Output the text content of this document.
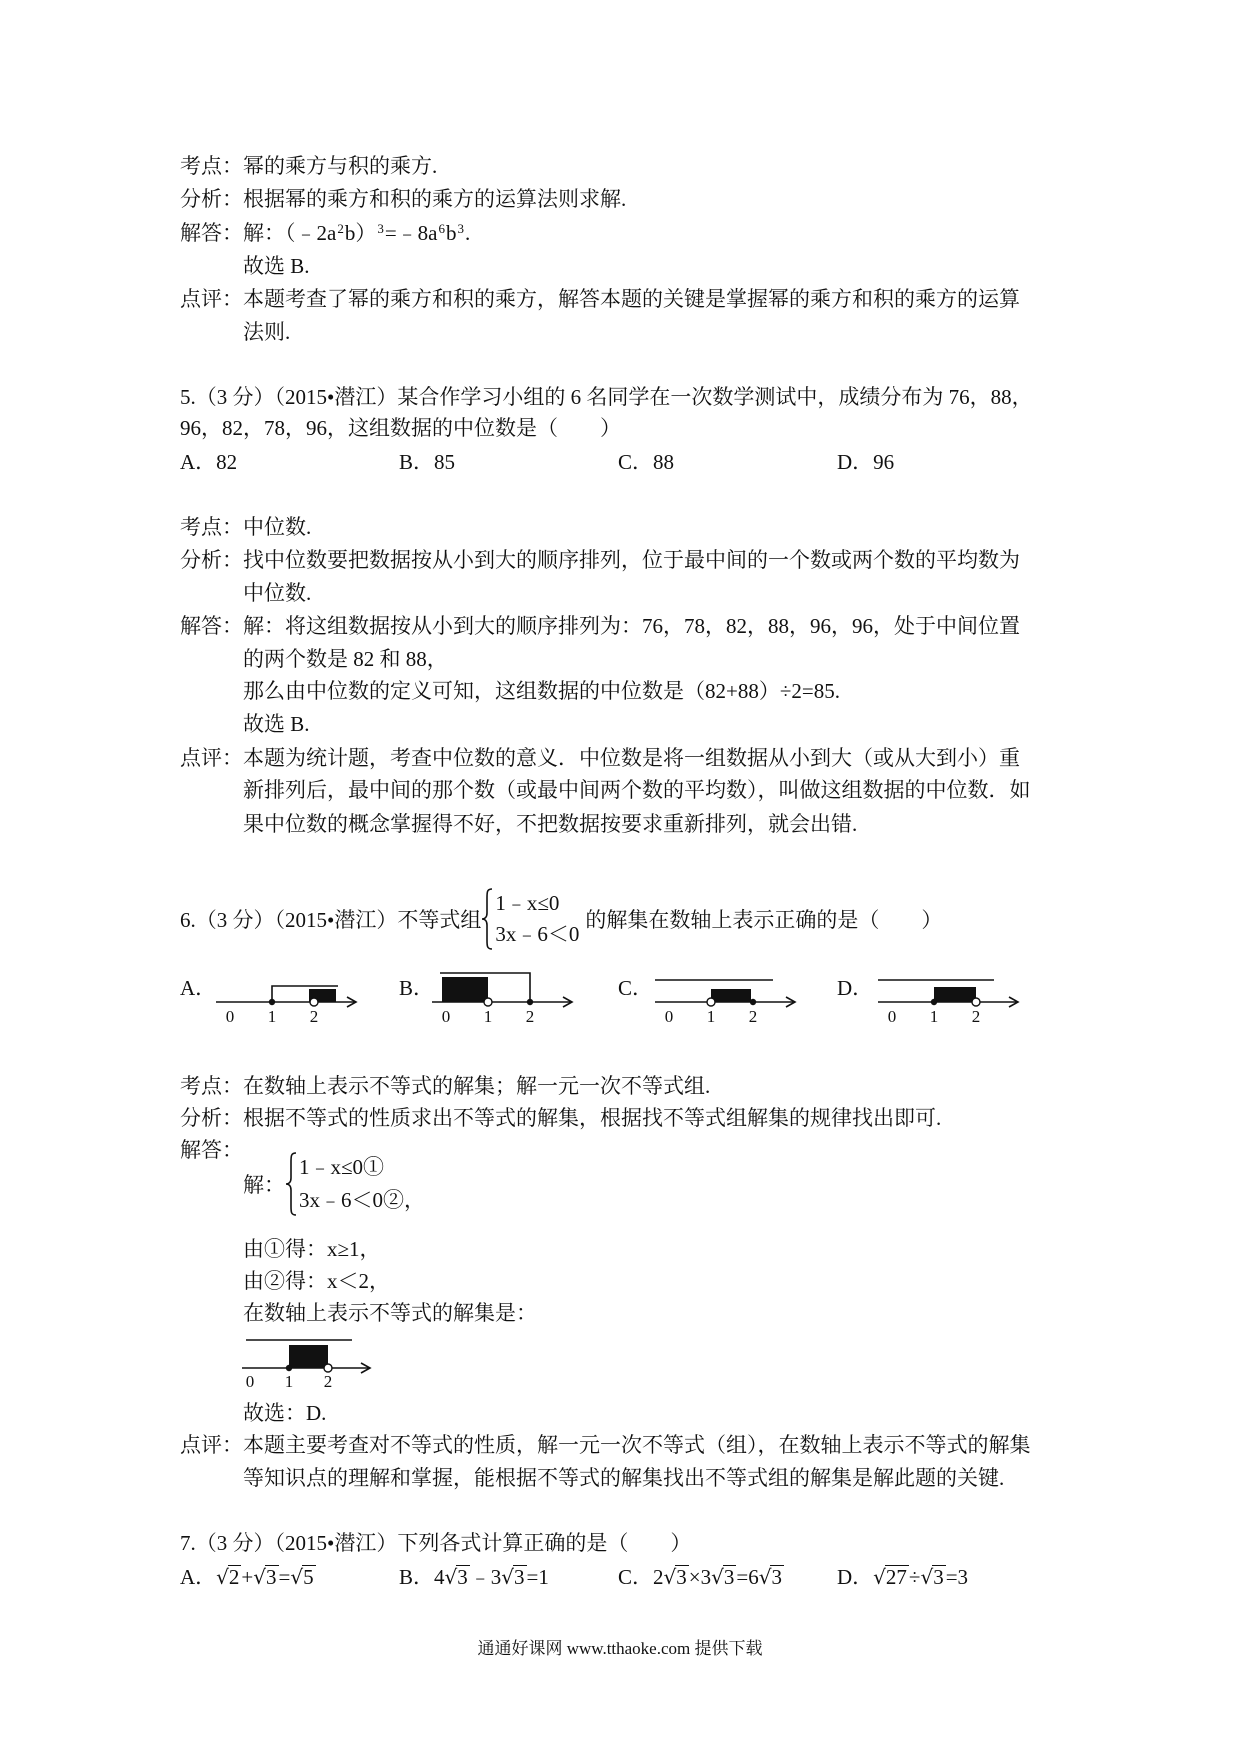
考点：幂的乘方与积的乘方.
分析：根据幂的乘方和积的乘方的运算法则求解.
解答：解：$(﹣2a^2b)^3=﹣8a^6b^3$.
故选 B.
点评：本题考查了幂的乘方和积的乘方，解答本题的关键是掌握幂的乘方和积的乘方的运算
法则.
5.（3 分）（2015•潜江）某合作学习小组的 6 名同学在一次数学测试中，成绩分布为 76，88，
96，82，78，96，这组数据的中位数是（　　）
A．82	B．85	C．88	D．96
考点：中位数.
分析：找中位数要把数据按从小到大的顺序排列，位于最中间的一个数或两个数的平均数为
中位数.
解答：解：将这组数据按从小到大的顺序排列为：76，78，82，88，96，96，处于中间位置
的两个数是 82 和 88，
那么由中位数的定义可知，这组数据的中位数是（82+88）÷2=85.
故选 B.
点评：本题为统计题，考查中位数的意义．中位数是将一组数据从小到大（或从大到小）重
新排列后，最中间的那个数（或最中间两个数的平均数），叫做这组数据的中位数．如
果中位数的概念掌握得不好，不把数据按要求重新排列，就会出错.
6.（3 分）（2015•潜江）不等式组
1﹣x≤0
3x﹣6＜0
的解集在数轴上表示正确的是（　　）
A．	B．	C．	D．
0 1 2	0 1 2	0 1 2	0 1 2
考点：在数轴上表示不等式的解集；解一元一次不等式组.
分析：根据不等式的性质求出不等式的解集，根据找不等式组解集的规律找出即可.
解答：
解：
1﹣x≤0①
3x﹣6＜0② ，
由①得：x≥1，
由②得：x＜2，
在数轴上表示不等式的解集是：
0 1 2
故选：D.
点评：本题主要考查对不等式的性质，解一元一次不等式（组），在数轴上表示不等式的解集
等知识点的理解和掌握，能根据不等式的解集找出不等式组的解集是解此题的关键.
7.（3 分）（2015•潜江）下列各式计算正确的是（　　）
A．√2+√3=√5	B．4√3﹣3√3=1	C．2√3×3√3=6√3	D．√27÷√3=3
通通好课网 www.tthaoke.com 提供下载
